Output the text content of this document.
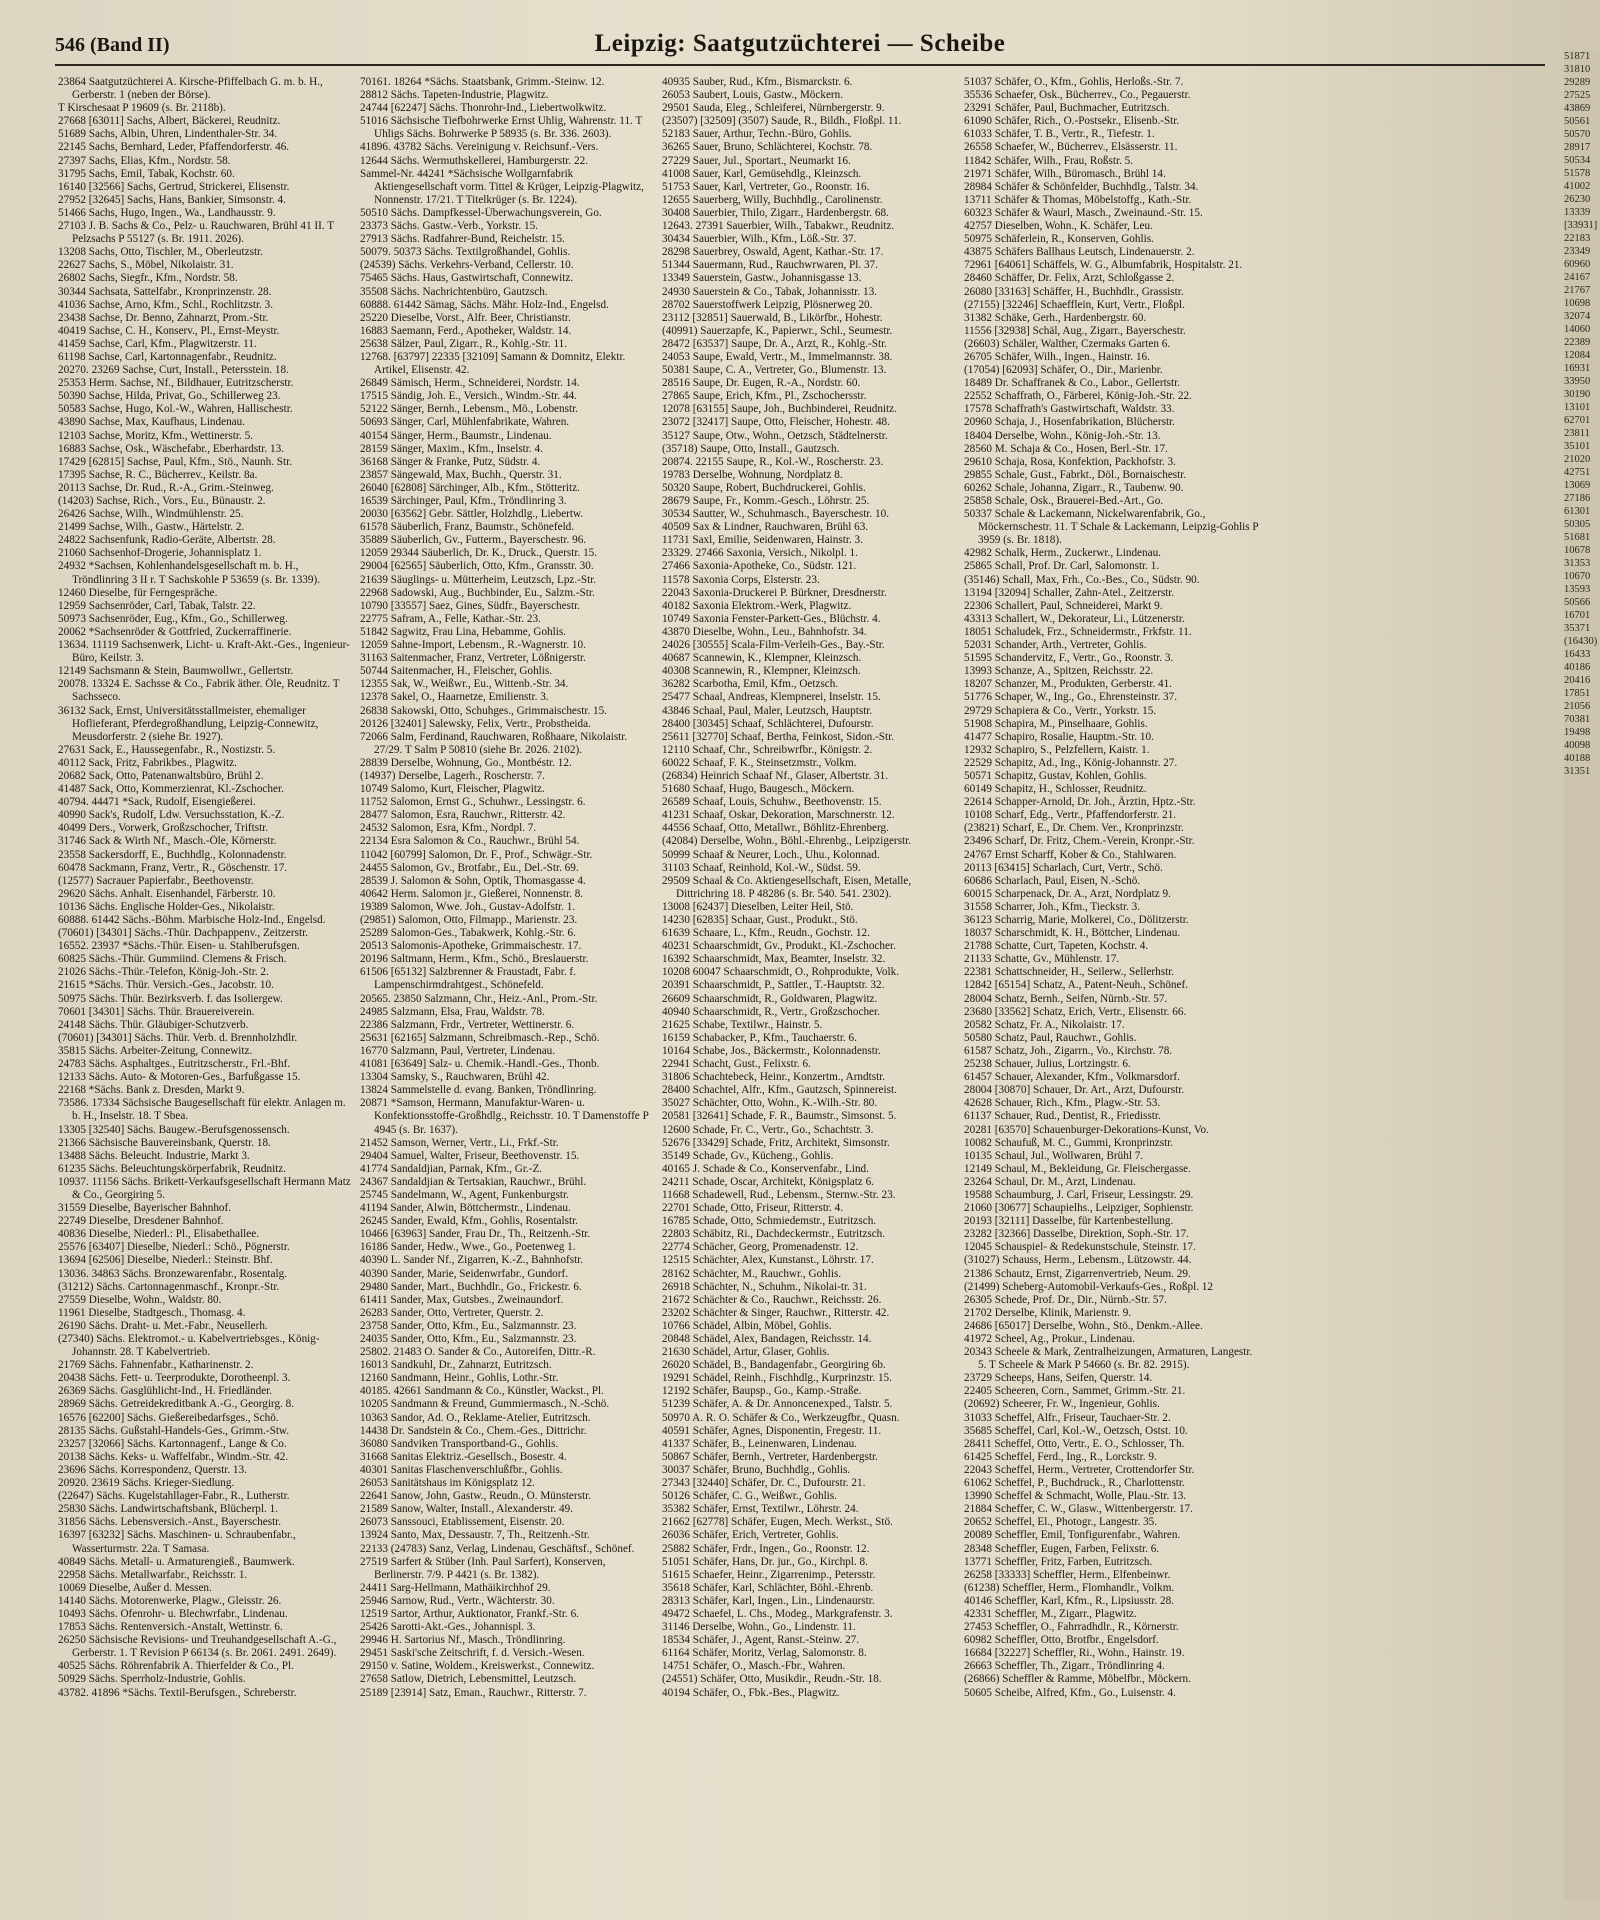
546 (Band II)	Leipzig: Saatgutzüchterei — Scheibe
23864 Saatgutzüchterei A. Kirsche-Pfiffelbach G. m. b. H., Gerberstr. 1 (neben der Börse).
T Kirschesaat P 19609 (s. Br. 2118b).
27668 [63011] Sachs, Albert, Bäckerei, Reudnitz.
51689 Sachs, Albin, Uhren, Lindenthaler-Str. 34.
22145 Sachs, Bernhard, Leder, Pfaffendorferstr. 46.
27397 Sachs, Elias, Kfm., Nordstr. 58.
31795 Sachs, Emil, Tabak, Kochstr. 60.
16140 [32566] Sachs, Gertrud, Strickerei, Elisenstr.
27952 [32645] Sachs, Hans, Bankier, Simsonstr. 4.
51466 Sachs, Hugo, Ingen., Wa., Landhausstr. 9.
27103 J. B. Sachs & Co., Pelz- u. Rauchwaren, Brühl 41 II. T Pelzsachs P 55127 (s. Br. 1911. 2026).
13208 Sachs, Otto, Tischler, M., Oberleutzstr.
22627 Sachs, S., Möbel, Nikolaistr. 31.
26802 Sachs, Siegfr., Kfm., Nordstr. 58.
30344 Sachsata, Sattelfabr., Kronprinzenstr. 28.
41036 Sachse, Arno, Kfm., Schl., Rochlitzstr. 3.
23438 Sachse, Dr. Benno, Zahnarzt, Prom.-Str.
40419 Sachse, C. H., Konserv., Pl., Ernst-Meystr.
41459 Sachse, Carl, Kfm., Plagwitzerstr. 11.
61198 Sachse, Carl, Kartonnagenfabr., Reudnitz.
20270. 23269 Sachse, Curt, Install., Petersstein. 18.
25353 Herm. Sachse, Nf., Bildhauer, Eutritzscherstr.
50390 Sachse, Hilda, Privat, Go., Schillerweg 23.
50583 Sachse, Hugo, Kol.-W., Wahren, Hallischestr.
43890 Sachse, Max, Kaufhaus, Lindenau.
12103 Sachse, Moritz, Kfm., Wettinerstr. 5.
16883 Sachse, Osk., Wäschefabr., Eberhardstr. 13.
17429 [62815] Sachse, Paul, Kfm., Stö., Naunh. Str.
17395 Sachse, R. C., Bücherrev., Keilstr. 8a.
20113 Sachse, Dr. Rud., R.-A., Grim.-Steinweg.
(14203) Sachse, Rich., Vors., Eu., Bünaustr. 2.
26426 Sachse, Wilh., Windmühlenstr. 25.
21499 Sachse, Wilh., Gastw., Härtelstr. 2.
24822 Sachsenfunk, Radio-Geräte, Albertstr. 28.
21060 Sachsenhof-Drogerie, Johannisplatz 1.
24932 *Sachsen, Kohlenhandelsgesellschaft m. b. H., Tröndlinring 3 II r. T Sachskohle P 53659 (s. Br. 1339).
12460 Dieselbe, für Ferngespräche.
12959 Sachsenröder, Carl, Tabak, Talstr. 22.
50973 Sachsenröder, Eug., Kfm., Go., Schillerweg.
20062 *Sachsenröder & Gottfried, Zuckerraffinerie.
13634. 11119 Sachsenwerk, Licht- u. Kraft-Akt.-Ges., Ingenieur-Büro, Keilstr. 3.
12149 Sachsmann & Stein, Baumwollwr., Gellertstr.
20078. 13324 E. Sachsse & Co., Fabrik äther. Öle, Reudnitz. T Sachsseco.
36132 Sack, Ernst, Universitätsstallmeister, ehemaliger Hoflieferant, Pferdegroßhandlung, Leipzig-Connewitz, Meusdorferstr. 2 (siehe Br. 1927).
27631 Sack, E., Haussegenfabr., R., Nostizstr. 5.
40112 Sack, Fritz, Fabrikbes., Plagwitz.
20682 Sack, Otto, Patenanwaltsbüro, Brühl 2.
41487 Sack, Otto, Kommerzienrat, Kl.-Zschocher.
40794. 44471 *Sack, Rudolf, Eisengießerei.
40990 Sack's, Rudolf, Ldw. Versuchsstation, K.-Z.
40499 Ders., Vorwerk, Großzschocher, Triftstr.
31746 Sack & Wirth Nf., Masch.-Öle, Körnerstr.
23558 Sackersdorff, E., Buchhdlg., Kolonnadenstr.
60478 Sackmann, Franz, Vertr., R., Göschenstr. 17.
(12577) Sacrauer Papierfabr., Beethovenstr.
29620 Sächs. Anhalt. Eisenhandel, Färberstr. 10.
10136 Sächs. Englische Holder-Ges., Nikolaistr.
60888. 61442 Sächs.-Böhm. Marbische Holz-Ind., Engelsd.
(70601) [34301] Sächs.-Thür. Dachpappenv., Zeitzerstr.
16552. 23937 *Sächs.-Thür. Eisen- u. Stahlberufsgen.
60825 Sächs.-Thür. Gummiind. Clemens & Frisch.
21026 Sächs.-Thür.-Telefon, König-Joh.-Str. 2.
21615 *Sächs. Thür. Versich.-Ges., Jacobstr. 10.
50975 Sächs. Thür. Bezirksverb. f. das Isoliergew.
70601 [34301] Sächs. Thür. Brauereiverein.
24148 Sächs. Thür. Gläubiger-Schutzverb.
(70601) [34301] Sächs. Thür. Verb. d. Brennholzhdlr.
35815 Sächs. Arbeiter-Zeitung, Connewitz.
24783 Sächs. Asphaltges., Eutritzscherstr., Frl.-Bhf.
12133 Sächs. Auto- & Motoren-Ges., Barfußgasse 15.
22168 *Sächs. Bank z. Dresden, Markt 9.
73586. 17334 Sächsische Baugesellschaft für elektr. Anlagen m. b. H., Inselstr. 18. T Sbea.
13305 [32540] Sächs. Baugew.-Berufsgenossensch.
21366 Sächsische Bauvereinsbank, Querstr. 18.
13488 Sächs. Beleucht. Industrie, Markt 3.
61235 Sächs. Beleuchtungskörperfabrik, Reudnitz.
10937. 11156 Sächs. Brikett-Verkaufsgesellschaft Hermann Matz & Co., Georgiring 5.
31559 Dieselbe, Bayerischer Bahnhof.
22749 Dieselbe, Dresdener Bahnhof.
40836 Dieselbe, Niederl.: Pl., Elisabethallee.
25576 [63407] Dieselbe, Niederl.: Schö., Pögnerstr.
13694 [62506] Dieselbe, Niederl.: Steinstr. Bhf.
13036. 34863 Sächs. Bronzewarenfabr., Rosentalg.
(31212) Sächs. Cartonnagenmaschf., Kronpr.-Str.
27559 Dieselbe, Wohn., Waldstr. 80.
11961 Dieselbe, Stadtgesch., Thomasg. 4.
26190 Sächs. Draht- u. Met.-Fabr., Neusellerh.
(27340) Sächs. Elektromot.- u. Kabelvertriebsges., König-Johannstr. 28. T Kabelvertrieb.
21769 Sächs. Fahnenfabr., Katharinenstr. 2.
20438 Sächs. Fett- u. Teerprodukte, Dorotheenpl. 3.
26369 Sächs. Gasglühlicht-Ind., H. Friedländer.
28969 Sächs. Getreidekreditbank A.-G., Georgirg. 8.
16576 [62200] Sächs. Gießereibedarfsges., Schö.
28135 Sächs. Gußstahl-Handels-Ges., Grimm.-Stw.
23257 [32066] Sächs. Kartonnagenf., Lange & Co.
20138 Sächs. Keks- u. Waffelfabr., Windm.-Str. 42.
23696 Sächs. Korrespondenz, Querstr. 13.
20920. 23619 Sächs. Krieger-Siedlung.
(22647) Sächs. Kugelstahllager-Fabr., R., Lutherstr.
25830 Sächs. Landwirtschaftsbank, Blücherpl. 1.
31856 Sächs. Lebensversich.-Anst., Bayerschestr.
16397 [63232] Sächs. Maschinen- u. Schraubenfabr., Wasserturmstr. 22a. T Samasa.
40849 Sächs. Metall- u. Armaturengieß., Baumwerk.
22958 Sächs. Metallwarfabr., Reichsstr. 1.
10069 Dieselbe, Außer d. Messen.
14140 Sächs. Motorenwerke, Plagw., Gleisstr. 26.
10493 Sächs. Ofenrohr- u. Blechwrfabr., Lindenau.
17853 Sächs. Rentenversich.-Anstalt, Wettinstr. 6.
26250 Sächsische Revisions- und Treuhandgesellschaft A.-G., Gerberstr. 1. T Revision P 66134 (s. Br. 2061. 2491. 2649).
40525 Sächs. Röhrenfabrik A. Thierfelder & Co., Pl.
50929 Sächs. Sperrholz-Industrie, Gohlis.
43782. 41896 *Sächs. Textil-Berufsgen., Schreberstr.
70161. 18264 *Sächs. Staatsbank, Grimm.-Steinw. 12.
28812 Sächs. Tapeten-Industrie, Plagwitz.
24744 [62247] Sächs. Thonrohr-Ind., Liebertwolkwitz.
51016 Sächsische Tiefbohrwerke Ernst Uhlig, Wahrenstr. 11. T Uhligs Sächs. Bohrwerke P 58935 (s. Br. 336. 2603).
41896. 43782 Sächs. Vereinigung v. Reichsunf.-Vers.
12644 Sächs. Wermuthskellerei, Hamburgerstr. 22.
Sammel-Nr. 44241 *Sächsische Wollgarnfabrik Aktiengesellschaft vorm. Tittel & Krüger, Leipzig-Plagwitz, Nonnenstr. 17/21. T Titelkrüger (s. Br. 1224).
50510 Sächs. Dampfkessel-Überwachungsverein, Go.
23373 Sächs. Gastw.-Verb., Yorkstr. 15.
27913 Sächs. Radfahrer-Bund, Reichelstr. 15.
50079. 50373 Sächs. Textilgroßhandel, Gohlis.
(24539) Sächs. Verkehrs-Verband, Cellerstr. 10.
75465 Sächs. Haus, Gastwirtschaft, Connewitz.
35508 Sächs. Nachrichtenbüro, Gautzsch.
60888. 61442 Sämag, Sächs. Mähr. Holz-Ind., Engelsd.
25220 Dieselbe, Vorst., Alfr. Beer, Christianstr.
16883 Saemann, Ferd., Apotheker, Waldstr. 14.
25638 Sälzer, Paul, Zigarr., R., Kohlg.-Str. 11.
12768. [63797] 22335 [32109] Samann & Domnitz, Elektr. Artikel, Elisenstr. 42.
26849 Sämisch, Herm., Schneiderei, Nordstr. 14.
17515 Sändig, Joh. E., Versich., Windm.-Str. 44.
52122 Sänger, Bernh., Lebensm., Mö., Lobenstr.
50693 Sänger, Carl, Mühlenfabrikate, Wahren.
40154 Sänger, Herm., Baumstr., Lindenau.
28159 Sänger, Maxim., Kfm., Inselstr. 4.
36168 Sänger & Franke, Putz, Südstr. 4.
23857 Sängewald, Max, Buchh., Querstr. 31.
26040 [62808] Särchinger, Alb., Kfm., Stötteritz.
16539 Särchinger, Paul, Kfm., Tröndlinring 3.
20030 [63562] Gebr. Sättler, Holzhdlg., Liebertw.
61578 Säuberlich, Franz, Baumstr., Schönefeld.
35889 Säuberlich, Gv., Futterm., Bayerschestr. 96.
12059 29344 Säuberlich, Dr. K., Druck., Querstr. 15.
29004 [62565] Säuberlich, Otto, Kfm., Gransstr. 30.
21639 Säuglings- u. Mütterheim, Leutzsch, Lpz.-Str.
22968 Sadowski, Aug., Buchbinder, Eu., Salzm.-Str.
10790 [33557] Saez, Gines, Südfr., Bayerschestr.
22775 Safram, A., Felle, Kathar.-Str. 23.
51842 Sagwitz, Frau Lina, Hebamme, Gohlis.
12059 Sahne-Import, Lebensm., R.-Wagnerstr. 10.
31163 Saitenmacher, Franz, Vertreter, Lößnigerstr.
50744 Saitenmacher, H., Fleischer, Gohlis.
12355 Sak, W., Weißwr., Eu., Wittenb.-Str. 34.
12378 Sakel, O., Haarnetze, Emilienstr. 3.
26838 Sakowski, Otto, Schuhges., Grimmaischestr. 15.
20126 [32401] Salewsky, Felix, Vertr., Probstheida.
72066 Salm, Ferdinand, Rauchwaren, Roßhaare, Nikolaistr. 27/29. T Salm P 50810 (siehe Br. 2026. 2102).
28839 Derselbe, Wohnung, Go., Montbéstr. 12.
(14937) Derselbe, Lagerh., Roscherstr. 7.
10749 Salomo, Kurt, Fleischer, Plagwitz.
11752 Salomon, Ernst G., Schuhwr., Lessingstr. 6.
28477 Salomon, Esra, Rauchwr., Ritterstr. 42.
24532 Salomon, Esra, Kfm., Nordpl. 7.
22134 Esra Salomon & Co., Rauchwr., Brühl 54.
11042 [60799] Salomon, Dr. F., Prof., Schwägr.-Str.
24455 Salomon, Gv., Brotfabr., Eu., Del.-Str. 69.
28539 J. Salomon & Sohn, Optik, Thomasgasse 4.
40642 Herm. Salomon jr., Gießerei, Nonnenstr. 8.
19389 Salomon, Wwe. Joh., Gustav-Adolfstr. 1.
(29851) Salomon, Otto, Filmapp., Marienstr. 23.
25289 Salomon-Ges., Tabakwerk, Kohlg.-Str. 6.
20513 Salomonis-Apotheke, Grimmaischestr. 17.
20196 Saltmann, Herm., Kfm., Schö., Breslauerstr.
61506 [65132] Salzbrenner & Fraustadt, Fabr. f. Lampenschirmdrahtgest., Schönefeld.
20565. 23850 Salzmann, Chr., Heiz.-Anl., Prom.-Str.
24985 Salzmann, Elsa, Frau, Waldstr. 78.
22386 Salzmann, Frdr., Vertreter, Wettinerstr. 6.
25631 [62165] Salzmann, Schreibmasch.-Rep., Schö.
16770 Salzmann, Paul, Vertreter, Lindenau.
41081 [63649] Salz- u. Chemik.-Handl.-Ges., Thonb.
13304 Samsky, S., Rauchwaren, Brühl 42.
13824 Sammelstelle d. evang. Banken, Tröndlinring.
20871 *Samson, Hermann, Manufaktur-Waren- u. Konfektionsstoffe-Großhdlg., Reichsstr. 10. T Damenstoffe P 4945 (s. Br. 1637).
21452 Samson, Werner, Vertr., Li., Frkf.-Str.
29404 Samuel, Walter, Friseur, Beethovenstr. 15.
41774 Sandaldjian, Parnak, Kfm., Gr.-Z.
24367 Sandaldjian & Tertsakian, Rauchwr., Brühl.
25745 Sandelmann, W., Agent, Funkenburgstr.
41194 Sander, Alwin, Böttchermstr., Lindenau.
26245 Sander, Ewald, Kfm., Gohlis, Rosentalstr.
10466 [63963] Sander, Frau Dr., Th., Reitzenh.-Str.
16186 Sander, Hedw., Wwe., Go., Poetenweg 1.
40390 L. Sander Nf., Zigarren, K.-Z., Bahnhofstr.
40390 Sander, Marie, Seidenwrfabr., Gundorf.
29480 Sander, Mart., Buchhdlr., Go., Frickestr. 6.
61411 Sander, Max, Gutsbes., Zweinaundorf.
26283 Sander, Otto, Vertreter, Querstr. 2.
23758 Sander, Otto, Kfm., Eu., Salzmannstr. 23.
24035 Sander, Otto, Kfm., Eu., Salzmannstr. 23.
25802. 21483 O. Sander & Co., Autoreifen, Dittr.-R.
16013 Sandkuhl, Dr., Zahnarzt, Eutritzsch.
12160 Sandmann, Heinr., Gohlis, Lothr.-Str.
40185. 42661 Sandmann & Co., Künstler, Wackst., Pl.
10205 Sandmann & Freund, Gummiermasch., N.-Schö.
10363 Sandor, Ad. O., Reklame-Atelier, Eutritzsch.
14438 Dr. Sandstein & Co., Chem.-Ges., Dittrichr.
36080 Sandviken Transportband-G., Gohlis.
31668 Sanitas Elektriz.-Gesellsch., Bosestr. 4.
40301 Sanitas Flaschenverschlußfbr., Gohlis.
26053 Sanitätshaus im Königsplatz 12.
22641 Sanow, John, Gastw., Reudn., O. Münsterstr.
21589 Sanow, Walter, Install., Alexanderstr. 49.
26073 Sanssouci, Etablissement, Eisenstr. 20.
13924 Santo, Max, Dessaustr. 7, Th., Reitzenh.-Str.
22133 (24783) Sanz, Verlag, Lindenau, Geschäftsf., Schönef.
27519 Sarfert & Stüber (Inh. Paul Sarfert), Konserven, Berlinerstr. 7/9. P 4421 (s. Br. 1382).
24411 Sarg-Hellmann, Mathäikirchhof 29.
25946 Sarnow, Rud., Vertr., Wächterstr. 30.
12519 Sartor, Arthur, Auktionator, Frankf.-Str. 6.
25426 Sarotti-Akt.-Ges., Johannispl. 3.
29946 H. Sartorius Nf., Masch., Tröndlinring.
29451 Saski'sche Zeitschrift, f. d. Versich.-Wesen.
29150 v. Satine, Woldem., Kreiswerkst., Connewitz.
27658 Satlow, Dietrich, Lebensmittel, Leutzsch.
25189 [23914] Satz, Eman., Rauchwr., Ritterstr. 7.
40935 Sauber, Rud., Kfm., Bismarckstr. 6.
26053 Saubert, Louis, Gastw., Möckern.
29501 Sauda, Eleg., Schleiferei, Nürnbergerstr. 9.
(23507) [32509] (3507) Saude, R., Bildh., Floßpl. 11.
52183 Sauer, Arthur, Techn.-Büro, Gohlis.
36265 Sauer, Bruno, Schlächterei, Kochstr. 78.
27229 Sauer, Jul., Sportart., Neumarkt 16.
41008 Sauer, Karl, Gemüsehdlg., Kleinzsch.
51753 Sauer, Karl, Vertreter, Go., Roonstr. 16.
12655 Sauerberg, Willy, Buchhdlg., Carolinenstr.
30408 Sauerbier, Thilo, Zigarr., Hardenbergstr. 68.
12643. 27391 Sauerbier, Wilh., Tabakwr., Reudnitz.
30434 Sauerbier, Wilh., Kfm., Löß.-Str. 37.
28298 Sauerbrey, Oswald, Agent, Kathar.-Str. 17.
51344 Sauermann, Rud., Rauchwrwaren, Pl. 37.
13349 Sauerstein, Gastw., Johannisgasse 13.
24930 Sauerstein & Co., Tabak, Johannisstr. 13.
28702 Sauerstoffwerk Leipzig, Plösnerweg 20.
23112 [32851] Sauerwald, B., Likörfbr., Hohestr.
(40991) Sauerzapfe, K., Papierwr., Schl., Seumestr.
28472 [63537] Saupe, Dr. A., Arzt, R., Kohlg.-Str.
24053 Saupe, Ewald, Vertr., M., Immelmannstr. 38.
50381 Saupe, C. A., Vertreter, Go., Blumenstr. 13.
28516 Saupe, Dr. Eugen, R.-A., Nordstr. 60.
27865 Saupe, Erich, Kfm., Pl., Zschochersstr.
12078 [63155] Saupe, Joh., Buchbinderei, Reudnitz.
23072 [32417] Saupe, Otto, Fleischer, Hohestr. 48.
35127 Saupe, Otw., Wohn., Oetzsch, Städtelnerstr.
(35718) Saupe, Otto, Install., Gautzsch.
20874. 22155 Saupe, R., Kol.-W., Roscherstr. 23.
19783 Derselbe, Wohnung, Nordplatz 8.
50320 Saupe, Robert, Buchdruckerei, Gohlis.
28679 Saupe, Fr., Komm.-Gesch., Löhrstr. 25.
30534 Sautter, W., Schuhmasch., Bayerschestr. 10.
40509 Sax & Lindner, Rauchwaren, Brühl 63.
11731 Saxl, Emilie, Seidenwaren, Hainstr. 3.
23329. 27466 Saxonia, Versich., Nikolpl. 1.
27466 Saxonia-Apotheke, Co., Südstr. 121.
11578 Saxonia Corps, Elsterstr. 23.
22043 Saxonia-Druckerei P. Bürkner, Dresdnerstr.
40182 Saxonia Elektrom.-Werk, Plagwitz.
10749 Saxonia Fenster-Parkett-Ges., Blüchstr. 4.
43870 Dieselbe, Wohn., Leu., Bahnhofstr. 34.
24026 [30555] Scala-Film-Verleih-Ges., Bay.-Str.
40687 Scannewin, K., Klempner, Kleinzsch.
40308 Scannewin, R., Klempner, Kleinzsch.
36282 Scarbotha, Emil, Kfm., Oetzsch.
25477 Schaal, Andreas, Klempnerei, Inselstr. 15.
43846 Schaal, Paul, Maler, Leutzsch, Hauptstr.
28400 [30345] Schaaf, Schlächterei, Dufourstr.
25611 [32770] Schaaf, Bertha, Feinkost, Sidon.-Str.
12110 Schaaf, Chr., Schreibwrfbr., Königstr. 2.
60022 Schaaf, F. K., Steinsetzmstr., Volkm.
(26834) Heinrich Schaaf Nf., Glaser, Albertstr. 31.
51680 Schaaf, Hugo, Baugesch., Möckern.
26589 Schaaf, Louis, Schuhw., Beethovenstr. 15.
41231 Schaaf, Oskar, Dekoration, Marschnerstr. 12.
44556 Schaaf, Otto, Metallwr., Böhlitz-Ehrenberg.
(42084) Derselbe, Wohn., Böhl.-Ehrenbg., Leipzigerstr.
50999 Schaaf & Neurer, Loch., Uhu., Kolonnad.
31103 Schaaf, Reinhold, Kol.-W., Südst. 59.
29509 Schaal & Co. Aktiengesellschaft, Eisen, Metalle, Dittrichring 18. P 48286 (s. Br. 540. 541. 2302).
13008 [62437] Dieselben, Leiter Heil, Stö.
14230 [62835] Schaar, Gust., Produkt., Stö.
61639 Schaare, L., Kfm., Reudn., Gochstr. 12.
40231 Schaarschmidt, Gv., Produkt., Kl.-Zschocher.
16392 Schaarschmidt, Max, Beamter, Inselstr. 32.
10208 60047 Schaarschmidt, O., Rohprodukte, Volk.
20391 Schaarschmidt, P., Sattler., T.-Hauptstr. 32.
26609 Schaarschmidt, R., Goldwaren, Plagwitz.
40940 Schaarschmidt, R., Vertr., Großzschocher.
21625 Schabe, Textilwr., Hainstr. 5.
16159 Schabacker, P., Kfm., Tauchaerstr. 6.
10164 Schabe, Jos., Bäckermstr., Kolonnadenstr.
22941 Schacht, Gust., Felixstr. 6.
31806 Schachtebeck, Heinr., Konzertm., Arndtstr.
28400 Schachtel, Alfr., Kfm., Gautzsch, Spinnereist.
35027 Schächter, Otto, Wohn., K.-Wilh.-Str. 80.
20581 [32641] Schade, F. R., Baumstr., Simsonst. 5.
12600 Schade, Fr. C., Vertr., Go., Schachtstr. 3.
52676 [33429] Schade, Fritz, Architekt, Simsonstr.
35149 Schade, Gv., Kücheng., Gohlis.
40165 J. Schade & Co., Konservenfabr., Lind.
24211 Schade, Oscar, Architekt, Königsplatz 6.
11668 Schadewell, Rud., Lebensm., Sternw.-Str. 23.
22701 Schade, Otto, Friseur, Ritterstr. 4.
16785 Schade, Otto, Schmiedemstr., Eutritzsch.
22803 Schäbitz, Ri., Dachdeckermstr., Eutritzsch.
22774 Schächer, Georg, Promenadenstr. 12.
12515 Schächter, Alex, Kunstanst., Löhrstr. 17.
28162 Schächter, M., Rauchwr., Gohlis.
26918 Schächter, N., Schuhm., Nikolai-tr. 31.
21672 Schächter & Co., Rauchwr., Reichsstr. 26.
23202 Schächter & Singer, Rauchwr., Ritterstr. 42.
10766 Schädel, Albin, Möbel, Gohlis.
20848 Schädel, Alex, Bandagen, Reichsstr. 14.
21630 Schädel, Artur, Glaser, Gohlis.
26020 Schädel, B., Bandagenfabr., Georgiring 6b.
19291 Schädel, Reinh., Fischhdlg., Kurprinzstr. 15.
12192 Schäfer, Baupsp., Go., Kamp.-Straße.
51239 Schäfer, A. & Dr. Annoncenexped., Talstr. 5.
50970 A. R. O. Schäfer & Co., Werkzeugfbr., Quasn.
40591 Schäfer, Agnes, Disponentin, Fregestr. 11.
41337 Schäfer, B., Leinenwaren, Lindenau.
50867 Schäfer, Bernh., Vertreter, Hardenbergstr.
30037 Schäfer, Bruno, Buchhdlg., Gohlis.
27343 [32440] Schäfer, Dr. C., Dufourstr. 21.
50126 Schäfer, C. G., Weißwr., Gohlis.
35382 Schäfer, Ernst, Textilwr., Löhrstr. 24.
21662 [62778] Schäfer, Eugen, Mech. Werkst., Stö.
26036 Schäfer, Erich, Vertreter, Gohlis.
25882 Schäfer, Frdr., Ingen., Go., Roonstr. 12.
51051 Schäfer, Hans, Dr. jur., Go., Kirchpl. 8.
51615 Schaefer, Heinr., Zigarrenimp., Petersstr.
35618 Schäfer, Karl, Schlächter, Böhl.-Ehrenb.
28313 Schäfer, Karl, Ingen., Lin., Lindenaurstr.
49472 Schaefel, L. Chs., Modeg., Markgrafenstr. 3.
31146 Derselbe, Wohn., Go., Lindenstr. 11.
18534 Schäfer, J., Agent, Ranst.-Steinw. 27.
61164 Schäfer, Moritz, Verlag, Salomonstr. 8.
14751 Schäfer, O., Masch.-Fbr., Wahren.
(24551) Schäfer, Otto, Musikdir., Reudn.-Str. 18.
40194 Schäfer, O., Fbk.-Bes., Plagwitz.
51037 Schäfer, O., Kfm., Gohlis, Herloßs.-Str. 7.
35536 Schaefer, Osk., Bücherrev., Co., Pegauerstr.
23291 Schäfer, Paul, Buchmacher, Eutritzsch.
61090 Schäfer, Rich., O.-Postsekr., Elisenb.-Str.
61033 Schäfer, T. B., Vertr., R., Tiefestr. 1.
26558 Schaefer, W., Bücherrev., Elsässerstr. 11.
11842 Schäfer, Wilh., Frau, Roßstr. 5.
21971 Schäfer, Wilh., Büromasch., Brühl 14.
28984 Schäfer & Schönfelder, Buchhdlg., Talstr. 34.
13711 Schäfer & Thomas, Möbelstoffg., Kath.-Str.
60323 Schäfer & Waurl, Masch., Zweinaund.-Str. 15.
42757 Dieselben, Wohn., K. Schäfer, Leu.
50975 Schäferlein, R., Konserven, Gohlis.
43875 Schäfers Ballhaus Leutsch, Lindenauerstr. 2.
72961 [64061] Schäffels, W. G., Albumfabrik, Hospitalstr. 21.
28460 Schäffer, Dr. Felix, Arzt, Schloßgasse 2.
26080 [33163] Schäffer, H., Buchhdlr., Grassistr.
(27155) [32246] Schaefflein, Kurt, Vertr., Floßpl.
31382 Schäke, Gerh., Hardenbergstr. 60.
11556 [32938] Schäl, Aug., Zigarr., Bayerschestr.
(26603) Schäler, Walther, Czermaks Garten 6.
26705 Schäfer, Wilh., Ingen., Hainstr. 16.
(17054) [62093] Schäfer, O., Dir., Marienbr.
18489 Dr. Schaffranek & Co., Labor., Gellertstr.
22552 Schaffrath, O., Färberei, König-Joh.-Str. 22.
17578 Schaffrath's Gastwirtschaft, Waldstr. 33.
20960 Schaja, J., Hosenfabrikation, Blücherstr.
18404 Derselbe, Wohn., König-Joh.-Str. 13.
28560 M. Schaja & Co., Hosen, Berl.-Str. 17.
29610 Schaja, Rosa, Konfektion, Packhofstr. 3.
29855 Schale, Gust., Fabrkt., Döl., Bornaischestr.
60262 Schale, Johanna, Zigarr., R., Taubenw. 90.
25858 Schale, Osk., Brauerei-Bed.-Art., Go.
50337 Schale & Lackemann, Nickelwarenfabrik, Go., Möckernschestr. 11. T Schale & Lackemann, Leipzig-Gohlis P 3959 (s. Br. 1818).
42982 Schalk, Herm., Zuckerwr., Lindenau.
25865 Schall, Prof. Dr. Carl, Salomonstr. 1.
(35146) Schall, Max, Frh., Co.-Bes., Co., Südstr. 90.
13194 [32094] Schaller, Zahn-Atel., Zeitzerstr.
22306 Schallert, Paul, Schneiderei, Markt 9.
43313 Schallert, W., Dekorateur, Li., Lützenerstr.
18051 Schaludek, Frz., Schneidermstr., Frkfstr. 11.
52031 Schander, Arth., Vertreter, Gohlis.
51595 Schandervitz, F., Vertr., Go., Roonstr. 3.
13993 Schanze, A., Spitzen, Reichsstr. 22.
18207 Schanzer, M., Produkten, Gerberstr. 41.
51776 Schaper, W., Ing., Go., Ehrensteinstr. 37.
29729 Schapiera & Co., Vertr., Yorkstr. 15.
51908 Schapira, M., Pinselhaare, Gohlis.
41477 Schapiro, Rosalie, Hauptm.-Str. 10.
12932 Schapiro, S., Pelzfellern, Kaistr. 1.
22529 Schapitz, Ad., Ing., König-Johannstr. 27.
50571 Schapitz, Gustav, Kohlen, Gohlis.
60149 Schapitz, H., Schlosser, Reudnitz.
22614 Schapper-Arnold, Dr. Joh., Ärztin, Hptz.-Str.
10108 Scharf, Edg., Vertr., Pfaffendorferstr. 21.
(23821) Scharf, E., Dr. Chem. Ver., Kronprinzstr.
23496 Scharf, Dr. Fritz, Chem.-Verein, Kronpr.-Str.
24767 Ernst Scharff, Kober & Co., Stahlwaren.
20113 [63415] Scharlach, Curt, Vertr., Schö.
60686 Scharlach, Paul, Eisen, N.-Schö.
60015 Scharpenack, Dr. A., Arzt, Nordplatz 9.
31558 Scharrer, Joh., Kfm., Tieckstr. 3.
36123 Scharrig, Marie, Molkerei, Co., Dölitzerstr.
18037 Scharschmidt, K. H., Böttcher, Lindenau.
21788 Schatte, Curt, Tapeten, Kochstr. 4.
21133 Schatte, Gv., Mühlenstr. 17.
22381 Schattschneider, H., Seilerw., Sellerhstr.
12842 [65154] Schatz, A., Patent-Neuh., Schönef.
28004 Schatz, Bernh., Seifen, Nürnb.-Str. 57.
23680 [33562] Schatz, Erich, Vertr., Elisenstr. 66.
20582 Schatz, Fr. A., Nikolaistr. 17.
50580 Schatz, Paul, Rauchwr., Gohlis.
61587 Schatz, Joh., Zigarrn., Vo., Kirchstr. 78.
25238 Schauer, Julius, Lortzingstr. 6.
61457 Schauer, Alexander, Kfm., Volkmarsdorf.
28004 [30870] Schauer, Dr. Art., Arzt, Dufourstr.
42628 Schauer, Rich., Kfm., Plagw.-Str. 53.
61137 Schauer, Rud., Dentist, R., Friedisstr.
20281 [63570] Schauenburger-Dekorations-Kunst, Vo.
10082 Schaufuß, M. C., Gummi, Kronprinzstr.
10135 Schaul, Jul., Wollwaren, Brühl 7.
12149 Schaul, M., Bekleidung, Gr. Fleischergasse.
23264 Schaul, Dr. M., Arzt, Lindenau.
19588 Schaumburg, J. Carl, Friseur, Lessingstr. 29.
21060 [30677] Schaupielhs., Leipziger, Sophienstr.
20193 [32111] Dasselbe, für Kartenbestellung.
23282 [32366] Dasselbe, Direktion, Soph.-Str. 17.
12045 Schauspiel- & Redekunstschule, Steinstr. 17.
(31027) Schauss, Herm., Lebensm., Lützowstr. 44.
21386 Schautz, Ernst, Zigarrenvertrieb, Neum. 29.
(21499) Scheberg-Automobil-Verkaufs-Ges., Roßpl. 12
26305 Schede, Prof. Dr., Dir., Nürnb.-Str. 57.
21702 Derselbe, Klinik, Marienstr. 9.
24686 [65017] Derselbe, Wohn., Stö., Denkm.-Allee.
41972 Scheel, Ag., Prokur., Lindenau.
20343 Scheele & Mark, Zentralheizungen, Armaturen, Langestr. 5. T Scheele & Mark P 54660 (s. Br. 82. 2915).
23729 Scheeps, Hans, Seifen, Querstr. 14.
22405 Scheeren, Corn., Sammet, Grimm.-Str. 21.
(20692) Scheerer, Fr. W., Ingenieur, Gohlis.
31033 Scheffel, Alfr., Friseur, Tauchaer-Str. 2.
35685 Scheffel, Carl, Kol.-W., Oetzsch, Ostst. 10.
28411 Scheffel, Otto, Vertr., E. O., Schlosser, Th.
61425 Scheffel, Ferd., Ing., R., Lorckstr. 9.
22043 Scheffel, Herm., Vertreter, Crottendorfer Str.
61062 Scheffel, P., Buchdruck., R., Charlottenstr.
13990 Scheffel & Schmacht, Wolle, Plau.-Str. 13.
21884 Scheffer, C. W., Glasw., Wittenbergerstr. 17.
20652 Scheffel, El., Photogr., Langestr. 35.
20089 Scheffler, Emil, Tonfigurenfabr., Wahren.
28348 Scheffler, Eugen, Farben, Felixstr. 6.
13771 Scheffler, Fritz, Farben, Eutritzsch.
26258 [33333] Scheffler, Herm., Elfenbeinwr.
(61238) Scheffler, Herm., Flomhandlr., Volkm.
40146 Scheffler, Karl, Kfm., R., Lipsiusstr. 28.
42331 Scheffler, M., Zigarr., Plagwitz.
27453 Scheffler, O., Fahrradhdlr., R., Körnerstr.
60982 Scheffler, Otto, Brotfbr., Engelsdorf.
16684 [32227] Scheffler, Ri., Wohn., Hainstr. 19.
26663 Scheffler, Th., Zigarr., Tröndlinring 4.
(26866) Scheffler & Ramme, Möbelfbr., Möckern.
50605 Scheibe, Alfred, Kfm., Go., Luisenstr. 4.
51871
31810
29289
27525
43869
50561
50570
28917
50534
51578
41002
26230
13339
[33931]
22183
23349
60960
24167
21767
10698
32074
14060
22389
12084
16931
33950
30190
13101
62701
23811
35101
21020
42751
13069
27186
61301
50305
51681
10678
31353
10670
13593
50566
16701
35371
(16430)
16433
40186
20416
17851
21056
70381
19498
40098
40188
31351
